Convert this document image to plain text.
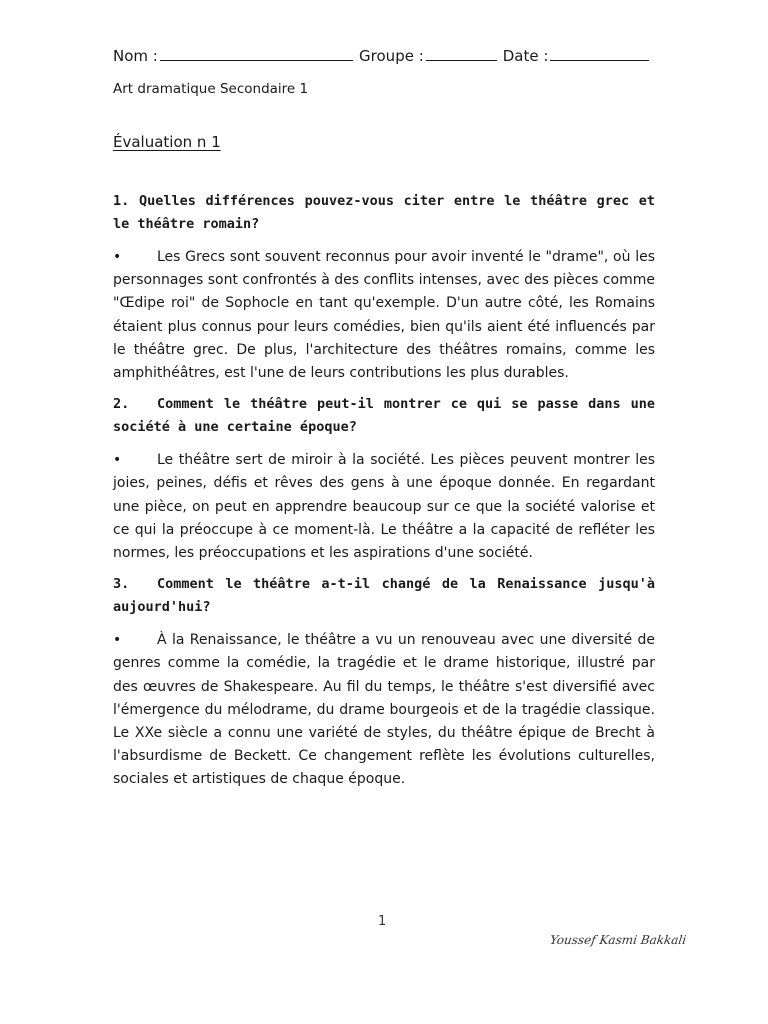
Nom :	Groupe :	Date :
Art dramatique Secondaire 1
Évaluation n 1

1. Quelles différences pouvez-vous citer entre le théâtre grec et le théâtre romain?

•	Les Grecs sont souvent reconnus pour avoir inventé le "drame", où les personnages sont confrontés à des conflits intenses, avec des pièces comme "Œdipe roi" de Sophocle en tant qu'exemple. D'un autre côté, les Romains étaient plus connus pour leurs comédies, bien qu'ils aient été influencés par le théâtre grec. De plus, l'architecture des théâtres romains, comme les amphithéâtres, est l'une de leurs contributions les plus durables.

2. Comment le théâtre peut-il montrer ce qui se passe dans une société à une certaine époque?

•	Le théâtre sert de miroir à la société. Les pièces peuvent montrer les joies, peines, défis et rêves des gens à une époque donnée. En regardant une pièce, on peut en apprendre beaucoup sur ce que la société valorise et ce qui la préoccupe à ce moment-là. Le théâtre a la capacité de refléter les normes, les préoccupations et les aspirations d'une société.

3. Comment le théâtre a-t-il changé de la Renaissance jusqu'à aujourd'hui?

•	À la Renaissance, le théâtre a vu un renouveau avec une diversité de genres comme la comédie, la tragédie et le drame historique, illustré par des œuvres de Shakespeare. Au fil du temps, le théâtre s'est diversifié avec l'émergence du mélodrame, du drame bourgeois et de la tragédie classique. Le XXe siècle a connu une variété de styles, du théâtre épique de Brecht à l'absurdisme de Beckett. Ce changement reflète les évolutions culturelles, sociales et artistiques de chaque époque.

1
Youssef Kasmi Bakkali
